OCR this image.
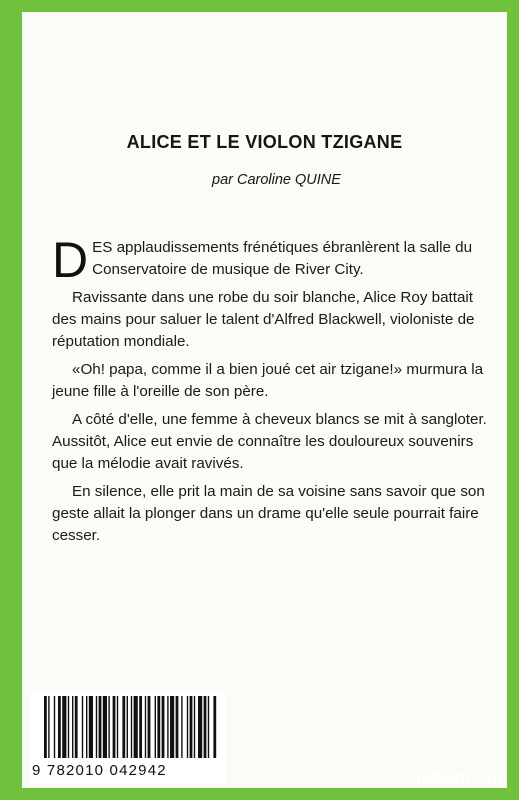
ALICE ET LE VIOLON TZIGANE

par Caroline QUINE

DES applaudissements frénétiques ébranlèrent la salle du Conservatoire de musique de River City.

Ravissante dans une robe du soir blanche, Alice Roy battait des mains pour saluer le talent d'Alfred Blackwell, violoniste de réputation mondiale.

«Oh! papa, comme il a bien joué cet air tzigane!» murmura la jeune fille à l'oreille de son père.

A côté d'elle, une femme à cheveux blancs se mit à sangloter. Aussitôt, Alice eut envie de connaître les douloureux souvenirs que la mélodie avait ravivés.

En silence, elle prit la main de sa voisine sans savoir que son geste allait la plonger dans un drame qu'elle seule pourrait faire cesser.

9 782010 042942	leboncoin
